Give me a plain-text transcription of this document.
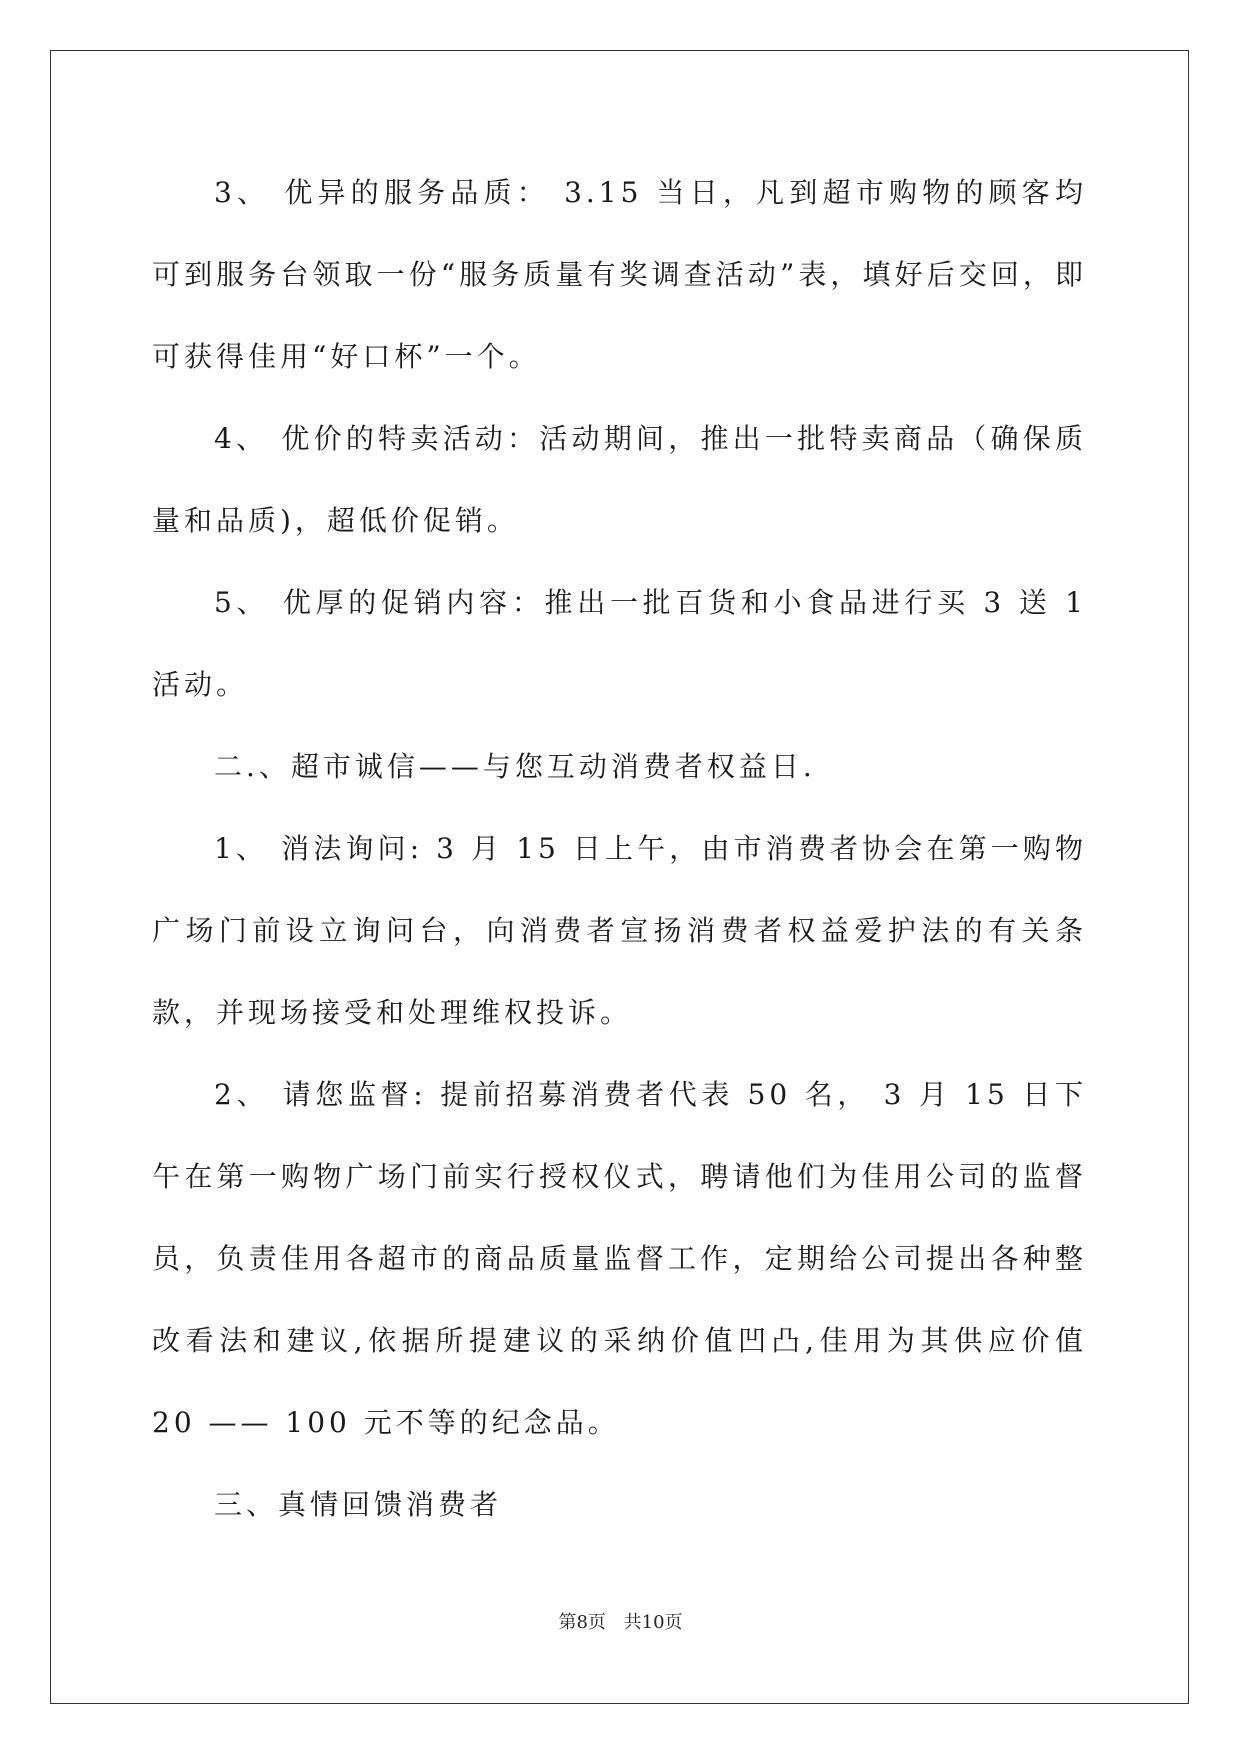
3、 优异的服务品质： 3.15 当日，凡到超市购物的顾客均可到服务台领取一份“服务质量有奖调查活动”表，填好后交回，即可获得佳用“好口杯”一个。

4、 优价的特卖活动：活动期间，推出一批特卖商品（确保质量和品质)，超低价促销。

5、 优厚的促销内容：推出一批百货和小食品进行买 3 送 1 活动。

二.、超市诚信——与您互动消费者权益日.

1、 消法询问: 3 月 15 日上午，由市消费者协会在第一购物广场门前设立询问台，向消费者宣扬消费者权益爱护法的有关条款，并现场接受和处理维权投诉。

2、 请您监督: 提前招募消费者代表 50 名， 3 月 15 日下午在第一购物广场门前实行授权仪式，聘请他们为佳用公司的监督员，负责佳用各超市的商品质量监督工作，定期给公司提出各种整改看法和建议,依据所提建议的采纳价值凹凸,佳用为其供应价值 20 —— 100 元不等的纪念品。

三、真情回馈消费者

第8页 共10页
